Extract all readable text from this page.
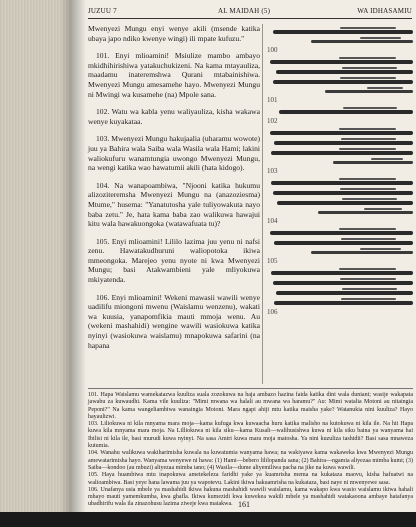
JUZUU 7	AL MAIDAH (5)	WA IDHASAMIU

Mwenyezi Mungu enyi wenye akili (msende katika ubaya japo ndiko kwenye wingi) ili mpate kufuzu."

101. Enyi mlioamini! Msiulize mambo ambayo mkidhihirishiwa yatakuchukizeni. Na kama mtayauliza, maadamu inateremshwa Qurani mtabainishiwa. Mwenyezi Mungu amesamehe hayo. Mwenyezi Mungu ni Mwingi wa kusamehe (na) Mpole sana.

102. Watu wa kabla yenu waliyauliza, kisha wakawa wenye kuyakataa.

103. Mwenyezi Mungu hakujaalia (uharamu wowote) juu ya Bahira wala Saiba wala Wasila wala Hami; lakini waliokufuru wanamtungia uwongo Mwenyezi Mungu, na wengi katika wao hawatumii akili (hata kidogo).

104. Na wanapoambiwa, "Njooni katika hukumu alizoziteremsha Mwenyezi Mungu na (anazoziesma) Mtume," husema: "Yanatutosha yale tuliyowakuta nayo baba zetu." Je, hata kama baba zao walikuwa hawajui kitu wala hawakuongoka (watawafuata tu)?

105. Enyi mlioamini! Lililo lazima juu yenu ni nafsi zenu. Hawatakudhuruni waliopotoka ikiwa mmeongoka. Marejeo yenu nyote ni kwa Mwenyezi Mungu; basi Atakwambieni yale mliyokuwa mkiyatenda.

106. Enyi mlioamini! Wekeni mawasii wawili wenye uadilifu miongoni mwenu (Waislamu wenzenu), wakati wa kuusia, yanapomfikia mauti mmoja wenu. Au (wekeni mashahidi) wengine wawili wasiokuwa katika nyinyi (wasiokuwa waislamu) mnapokuwa safarini (na hapana

100
101
102
103
104
105
106

101. Hapa Waislamu wamekatazwa kuuliza suala zozokuwa na haja ambazo hazina faida katika dini wala duniani; wasije wakapata jawabu za kuwaudhi. Kama vile kuuliza: "Mimi mwana wa halali au mwana wa haramu?" Au: Mimi watalia Motoni au nitaingia Peponi?" Na kama wangeliambiwa wanaingia Motoni. Mara ngapi ahiji mtu katika maisha yake? Watanukia nini kuuliza? Hayo hayaulizwi.

103. Liliokuwa ni kila mnyama mara moja—kama kufuga kwa kuwaacha huru katika malisho na kutokuwa ni kila ile. Na hii Hapa kuwa kila mnyama mara moja. Na Lilliokuwa ni kila siku—kama Kusali—walihusishwa kuwa ni kila siku baina ya wanyama hai Ibilisi ni kila ile, basi murudi kuwa nyinyi. Na sasa Amiri kuwa mara moja matosha. Ya nini kuzuliza tashidii? Basi sasa mnaweza kutumia.

104. Wanahu walikuwa wakiharimisha kuwala na kuwatumia wanyama hawa; na wakiyawa kama wakaweka kwa Mwenyezi Mungu amewatarimisha hayo. Wanyama wenyewe ni hawa: (1) Hami—bebero lililopanda sana; (2) Bahira—ngamia aliyezaa mimba kumi; (3) Saiba—kondoo (au mbuzi) aliyezaa mimba tano; (4) Wasila—dume aliyemiliwa pacha na jike na kuwa wawili.

105. Haya huambiwa mtu inapokuwa ametekeleza faridhi yake ya kuamrisha mema na kukataza maovu, kisha hafuatwi na walioambiwa. Basi yeye hana lawama juu ya wapotevu. Lakini ikiwa hakuamrisha na kukataza, basi naye ni mwenyewe sasa.

106. Unafanya usia mbele ya mashahidi ikiwa hakuna mashahidi wawili waislamu, kama wakapo kwa wasio waislamu ikiwa hahali mhayo mauti yamemkumba, kwa ghafla. Ikiwa kumezidi kwa kuwekea wakili mbele ya mashahidi watakaoona ambaye hatafanya ubadhirifu wala ila zinazohusu lazima ziweje kwa matakwa. 161
